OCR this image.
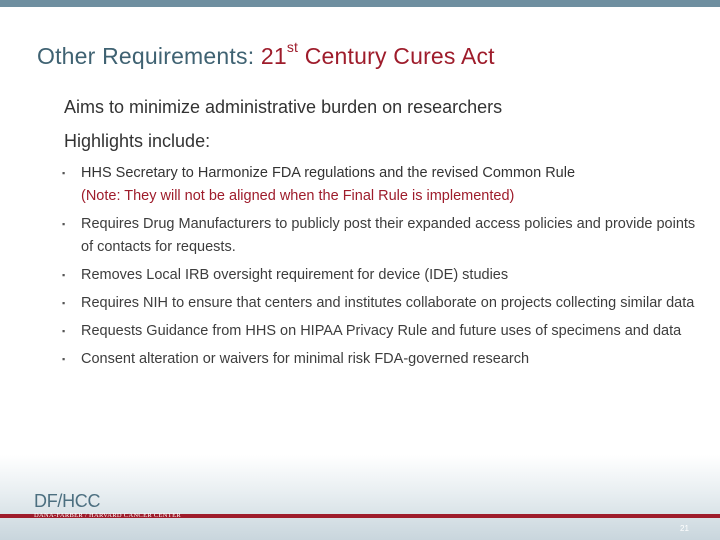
Other Requirements: 21st Century Cures Act

Aims to minimize administrative burden on researchers

Highlights include:

▪ HHS Secretary to Harmonize FDA regulations and the revised Common Rule
(Note: They will not be aligned when the Final Rule is implemented)
▪ Requires Drug Manufacturers to publicly post their expanded access policies and provide points of contacts for requests.
▪ Removes Local IRB oversight requirement for device (IDE) studies
▪ Requires NIH to ensure that centers and institutes collaborate on projects collecting similar data
▪ Requests Guidance from HHS on HIPAA Privacy Rule and future uses of specimens and data
▪ Consent alteration or waivers for minimal risk FDA-governed research
DF/HCC
DANA-FARBER / HARVARD CANCER CENTER
21
